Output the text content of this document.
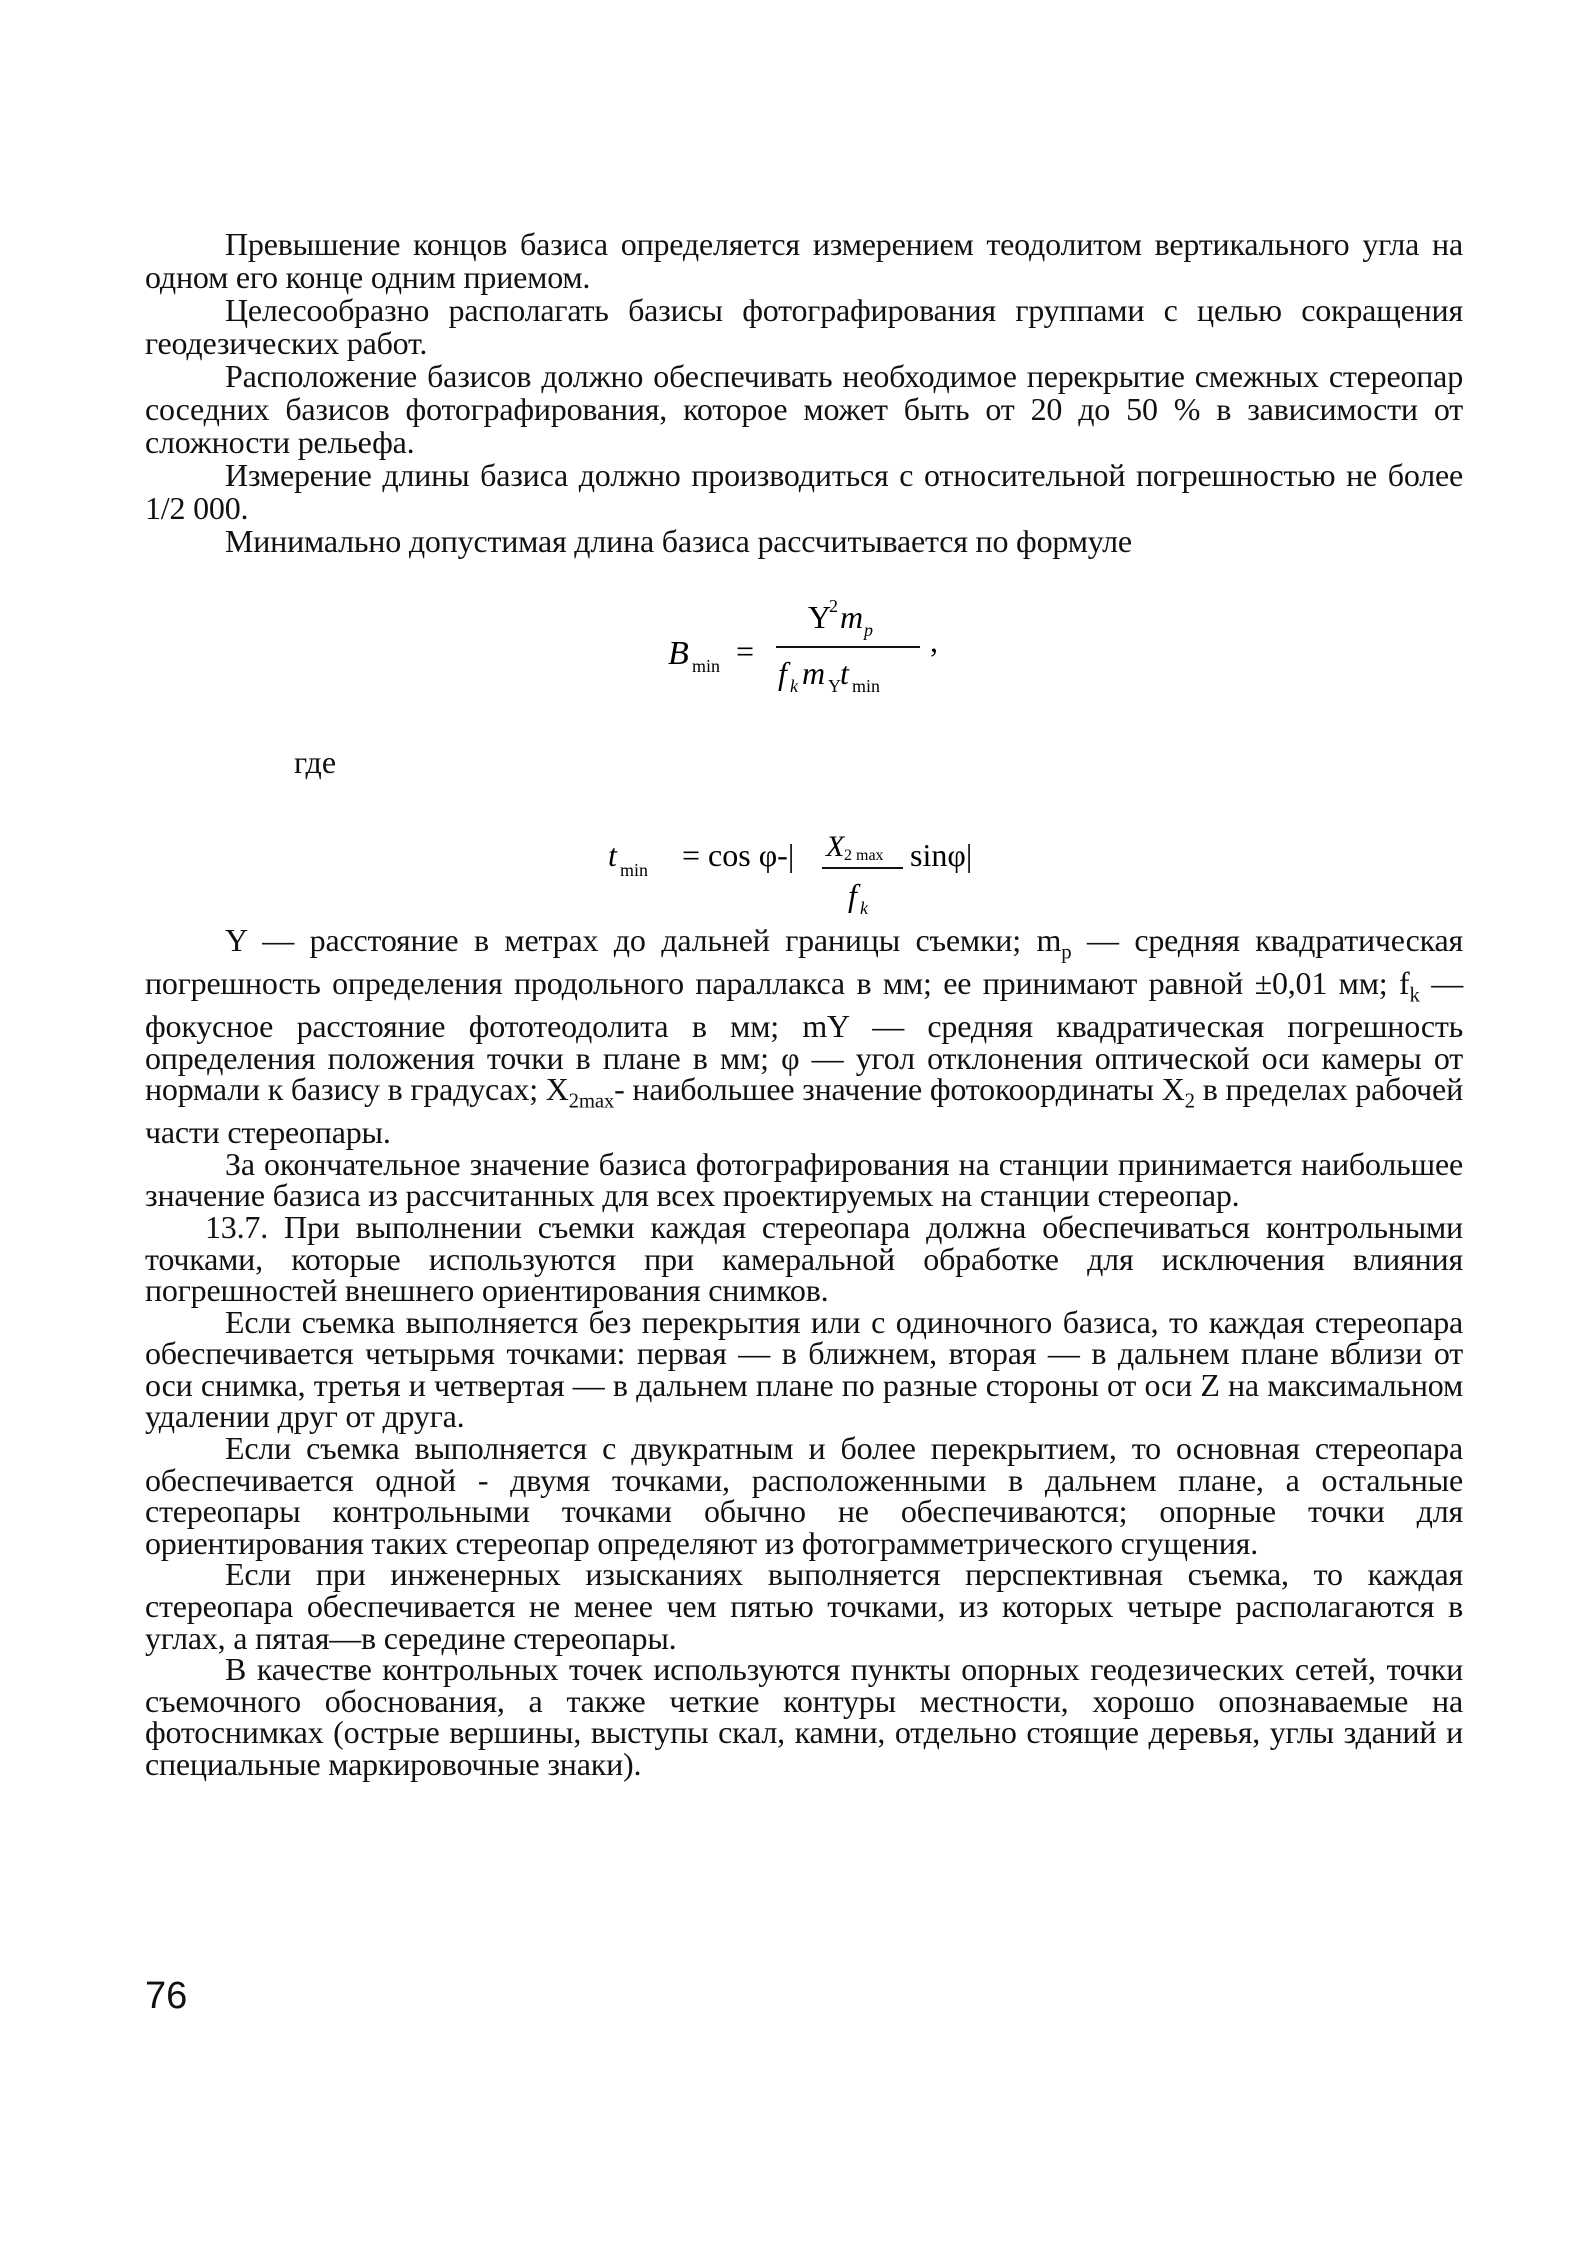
Превышение концов базиса определяется измерением теодолитом вертикального угла на одном его конце одним приемом.

Целесообразно располагать базисы фотографирования группами с целью сокращения геодезических работ.

Расположение базисов должно обеспечивать необходимое перекрытие смежных стереопар соседних базисов фотографирования, которое может быть от 20 до 50 % в зависимости от сложности рельефа.

Измерение длины базиса должно производиться с относительной погрешностью не более 1/2 000.

Минимально допустимая длина базиса рассчитывается по формуле

B min =
Y
2 m p
f k m Y t min
,
где
t min = cos φ-| X 2 max sinφ|
f k

Y — расстояние в метрах до дальней границы съемки; $m_p$ — средняя квадратическая погрешность определения продольного параллакса в мм; ее принимают равной ±0,01 мм; $f_k$ — фокусное расстояние фототеодолита в мм; mY — средняя квадратическая погрешность определения положения точки в плане в мм; φ — угол отклонения оптической оси камеры от нормали к базису в градусах; $X_{2max}-$ наибольшее значение фотокоординаты $X_2$ в пределах рабочей части стереопары.

За окончательное значение базиса фотографирования на станции принимается наибольшее значение базиса из рассчитанных для всех проектируемых на станции стереопар.

13.7. При выполнении съемки каждая стереопара должна обеспечиваться контрольными точками, которые используются при камеральной обработке для исключения влияния погрешностей внешнего ориентирования снимков.

Если съемка выполняется без перекрытия или с одиночного базиса, то каждая стереопара обеспечивается четырьмя точками: первая — в ближнем, вторая — в дальнем плане вблизи от оси снимка, третья и четвертая — в дальнем плане по разные стороны от оси Z на максимальном удалении друг от друга.

Если съемка выполняется с двукратным и более перекрытием, то основная стереопара обеспечивается одной - двумя точками, расположенными в дальнем плане, а остальные стереопары контрольными точками обычно не обеспечиваются; опорные точки для ориентирования таких стереопар определяют из фотограмметрического сгущения.

Если при инженерных изысканиях выполняется перспективная съемка, то каждая стереопара обеспечивается не менее чем пятью точками, из которых четыре располагаются в углах, а пятая—в середине стереопары.

В качестве контрольных точек используются пункты опорных геодезических сетей, точки съемочного обоснования, а также четкие контуры местности, хорошо опознаваемые на фотоснимках (острые вершины, выступы скал, камни, отдельно стоящие деревья, углы зданий и специальные маркировочные знаки).

76
